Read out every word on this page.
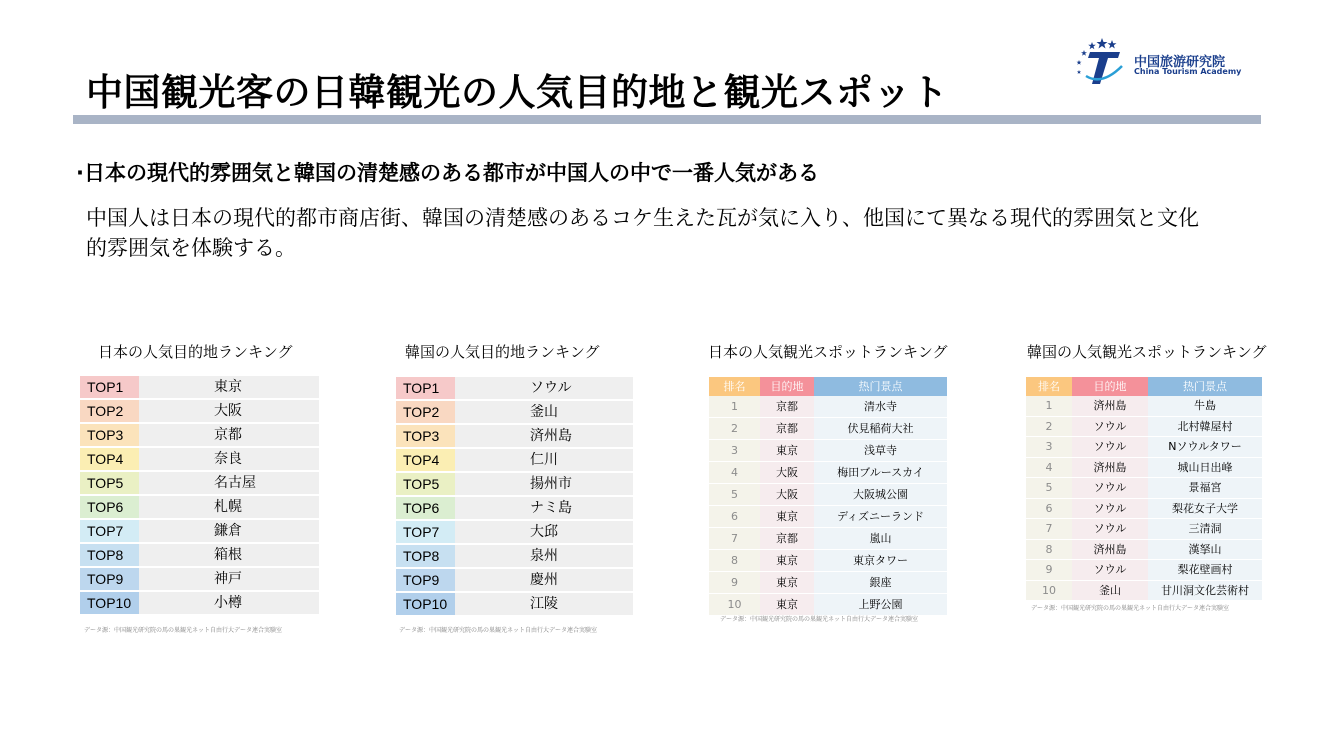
中国観光客の日韓観光の人気目的地と観光スポット
中国旅游研究院
China Tourism Academy
·日本の現代的雰囲気と韓国の清楚感のある都市が中国人の中で一番人気がある
中国人は日本の現代的都市商店街、韓国の清楚感のあるコケ生えた瓦が気に入り、他国にて異なる現代的雰囲気と文化的雰囲気を体験する。
日本の人気目的地ランキング
TOP1	東京
TOP2	大阪
TOP3	京都
TOP4	奈良
TOP5	名古屋
TOP6	札幌
TOP7	鎌倉
TOP8	箱根
TOP9	神戸
TOP10	小樽
データ源：中国観光研究院の馬の巣観光ネット自由行大データ連合実験室
韓国の人気目的地ランキング
TOP1	ソウル
TOP2	釜山
TOP3	済州島
TOP4	仁川
TOP5	揚州市
TOP6	ナミ島
TOP7	大邱
TOP8	泉州
TOP9	慶州
TOP10	江陵
データ源：中国観光研究院の馬の巣観光ネット自由行大データ連合実験室
日本の人気観光スポットランキング
排名	目的地	热门景点
1	京都	清水寺
2	京都	伏見稲荷大社
3	東京	浅草寺
4	大阪	梅田ブルースカイ
5	大阪	大阪城公園
6	東京	ディズニーランド
7	京都	嵐山
8	東京	東京タワー
9	東京	銀座
10	東京	上野公園
データ源：中国観光研究院の馬の巣観光ネット自由行大データ連合実験室
排名	目的地	热门景点
1	済州島	牛島
2	ソウル	北村韓屋村
3	ソウル	Nソウルタワー
4	済州島	城山日出峰
5	ソウル	景福宮
6	ソウル	梨花女子大学
7	ソウル	三清洞
8	済州島	漢拏山
9	ソウル	梨花壁画村
10	釜山	甘川洞文化芸術村
韓国の人気観光スポットランキング
データ源：中国観光研究院の馬の巣観光ネット自由行大データ連合実験室
